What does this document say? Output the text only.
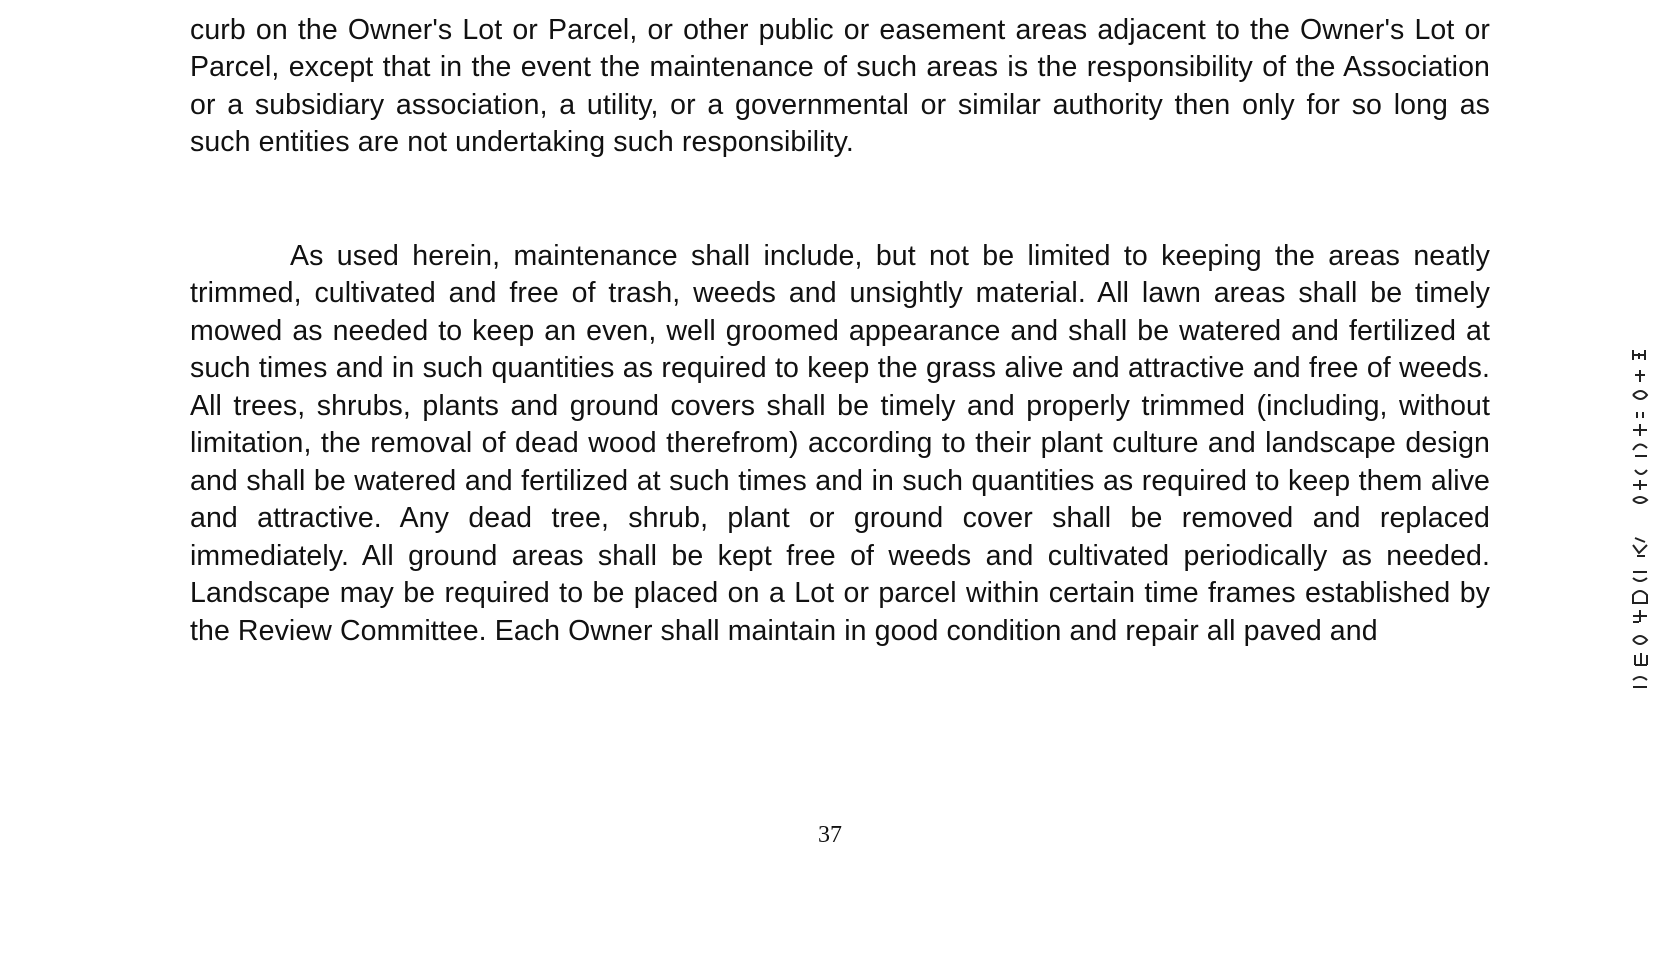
curb on the Owner's Lot or Parcel, or other public or easement areas adjacent to the Owner's Lot or Parcel, except that in the event the maintenance of such areas is the responsibility of the Association or a subsidiary association, a utility, or a governmental or similar authority then only for so long as such entities are not undertaking such responsibility.

As used herein, maintenance shall include, but not be limited to keeping the areas neatly trimmed, cultivated and free of trash, weeds and unsightly material. All lawn areas shall be timely mowed as needed to keep an even, well groomed appearance and shall be watered and fertilized at such times and in such quantities as required to keep the grass alive and attractive and free of weeds. All trees, shrubs, plants and ground covers shall be timely and properly trimmed (including, without limitation, the removal of dead wood therefrom) according to their plant culture and landscape design and shall be watered and fertilized at such times and in such quantities as required to keep them alive and attractive. Any dead tree, shrub, plant or ground cover shall be removed and replaced immediately. All ground areas shall be kept free of weeds and cultivated periodically as needed. Landscape may be required to be placed on a Lot or parcel within certain time frames established by the Review Committee. Each Owner shall maintain in good condition and repair all paved and

37
